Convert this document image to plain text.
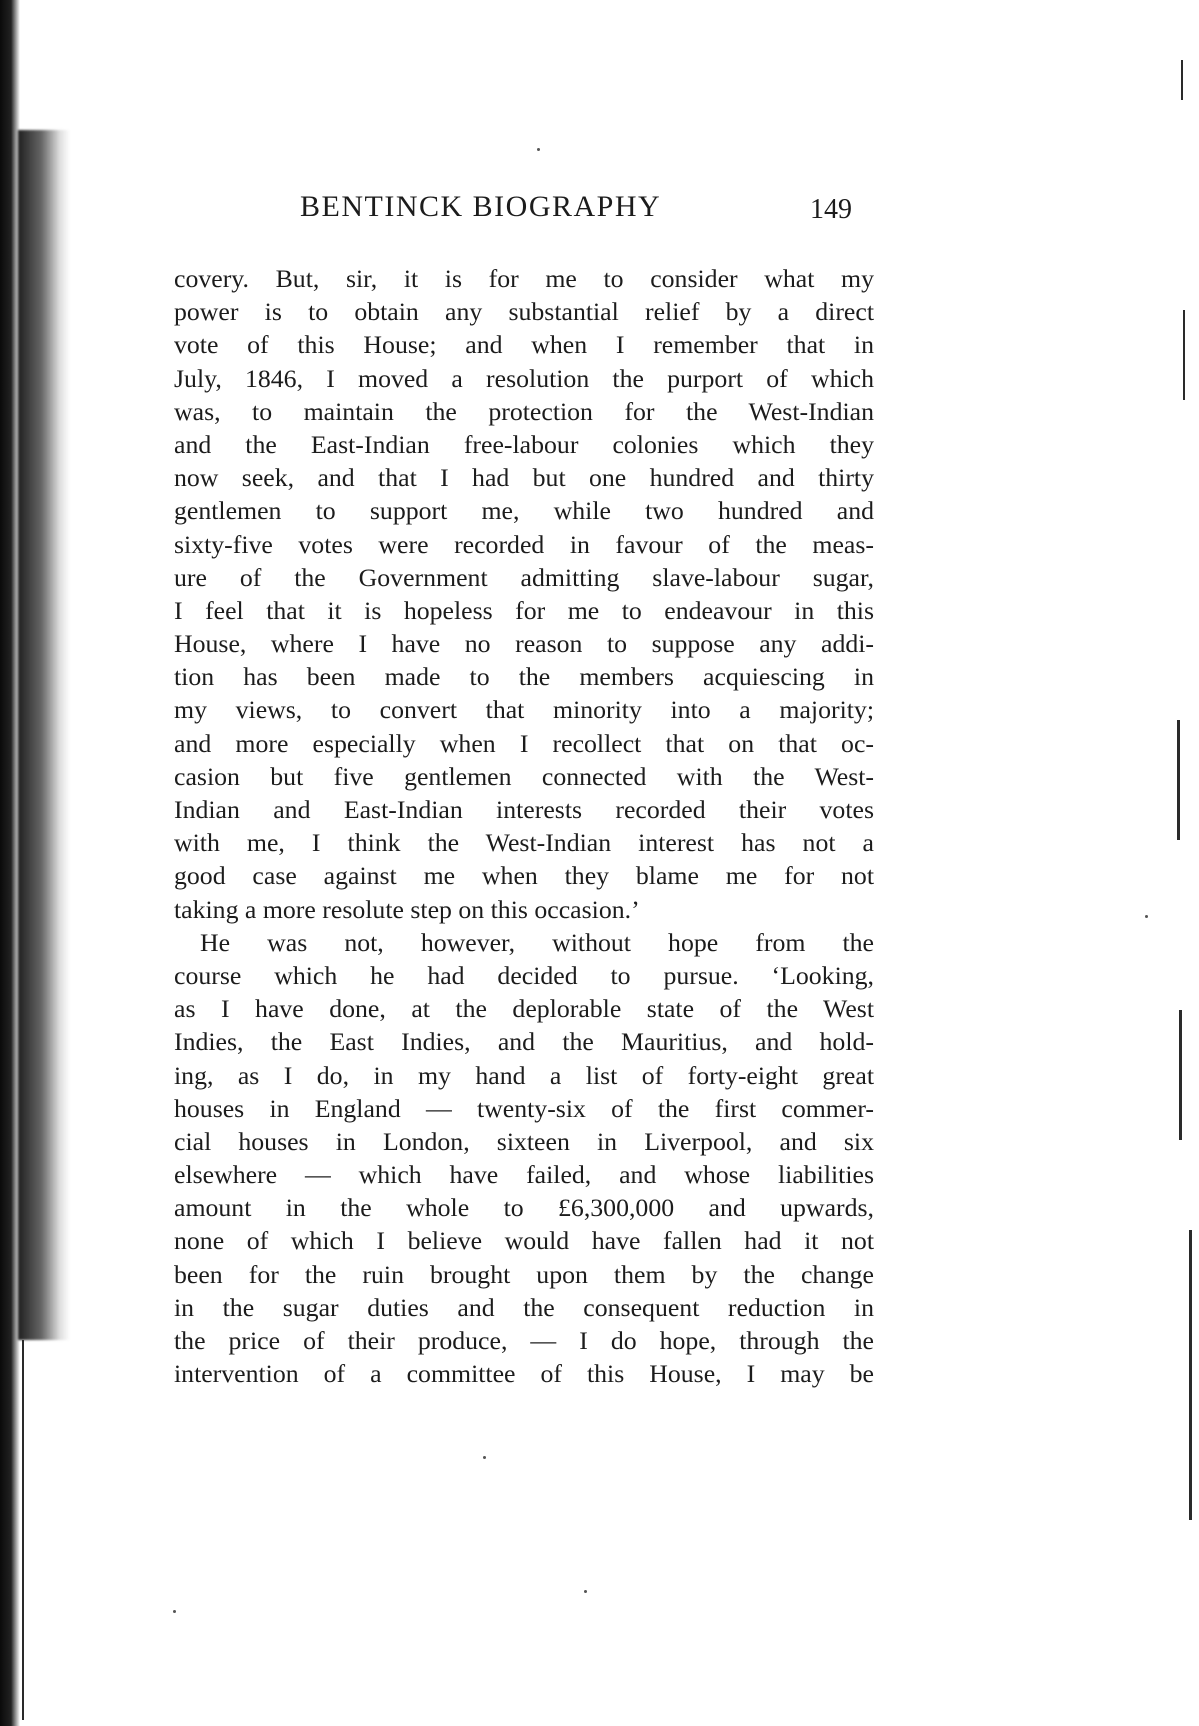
BENTINCK BIOGRAPHY	149
covery. But, sir, it is for me to consider what my
power is to obtain any substantial relief by a direct
vote of this House; and when I remember that in
July, 1846, I moved a resolution the purport of which
was, to maintain the protection for the West-Indian
and the East-Indian free-labour colonies which they
now seek, and that I had but one hundred and thirty
gentlemen to support me, while two hundred and
sixty-five votes were recorded in favour of the meas-
ure of the Government admitting slave-labour sugar,
I feel that it is hopeless for me to endeavour in this
House, where I have no reason to suppose any addi-
tion has been made to the members acquiescing in
my views, to convert that minority into a majority;
and more especially when I recollect that on that oc-
casion but five gentlemen connected with the West-
Indian and East-Indian interests recorded their votes
with me, I think the West-Indian interest has not a
good case against me when they blame me for not
taking a more resolute step on this occasion.’
He was not, however, without hope from the
course which he had decided to pursue. ‘Looking,
as I have done, at the deplorable state of the West
Indies, the East Indies, and the Mauritius, and hold-
ing, as I do, in my hand a list of forty-eight great
houses in England — twenty-six of the first commer-
cial houses in London, sixteen in Liverpool, and six
elsewhere — which have failed, and whose liabilities
amount in the whole to £6,300,000 and upwards,
none of which I believe would have fallen had it not
been for the ruin brought upon them by the change
in the sugar duties and the consequent reduction in
the price of their produce, — I do hope, through the
intervention of a committee of this House, I may be
